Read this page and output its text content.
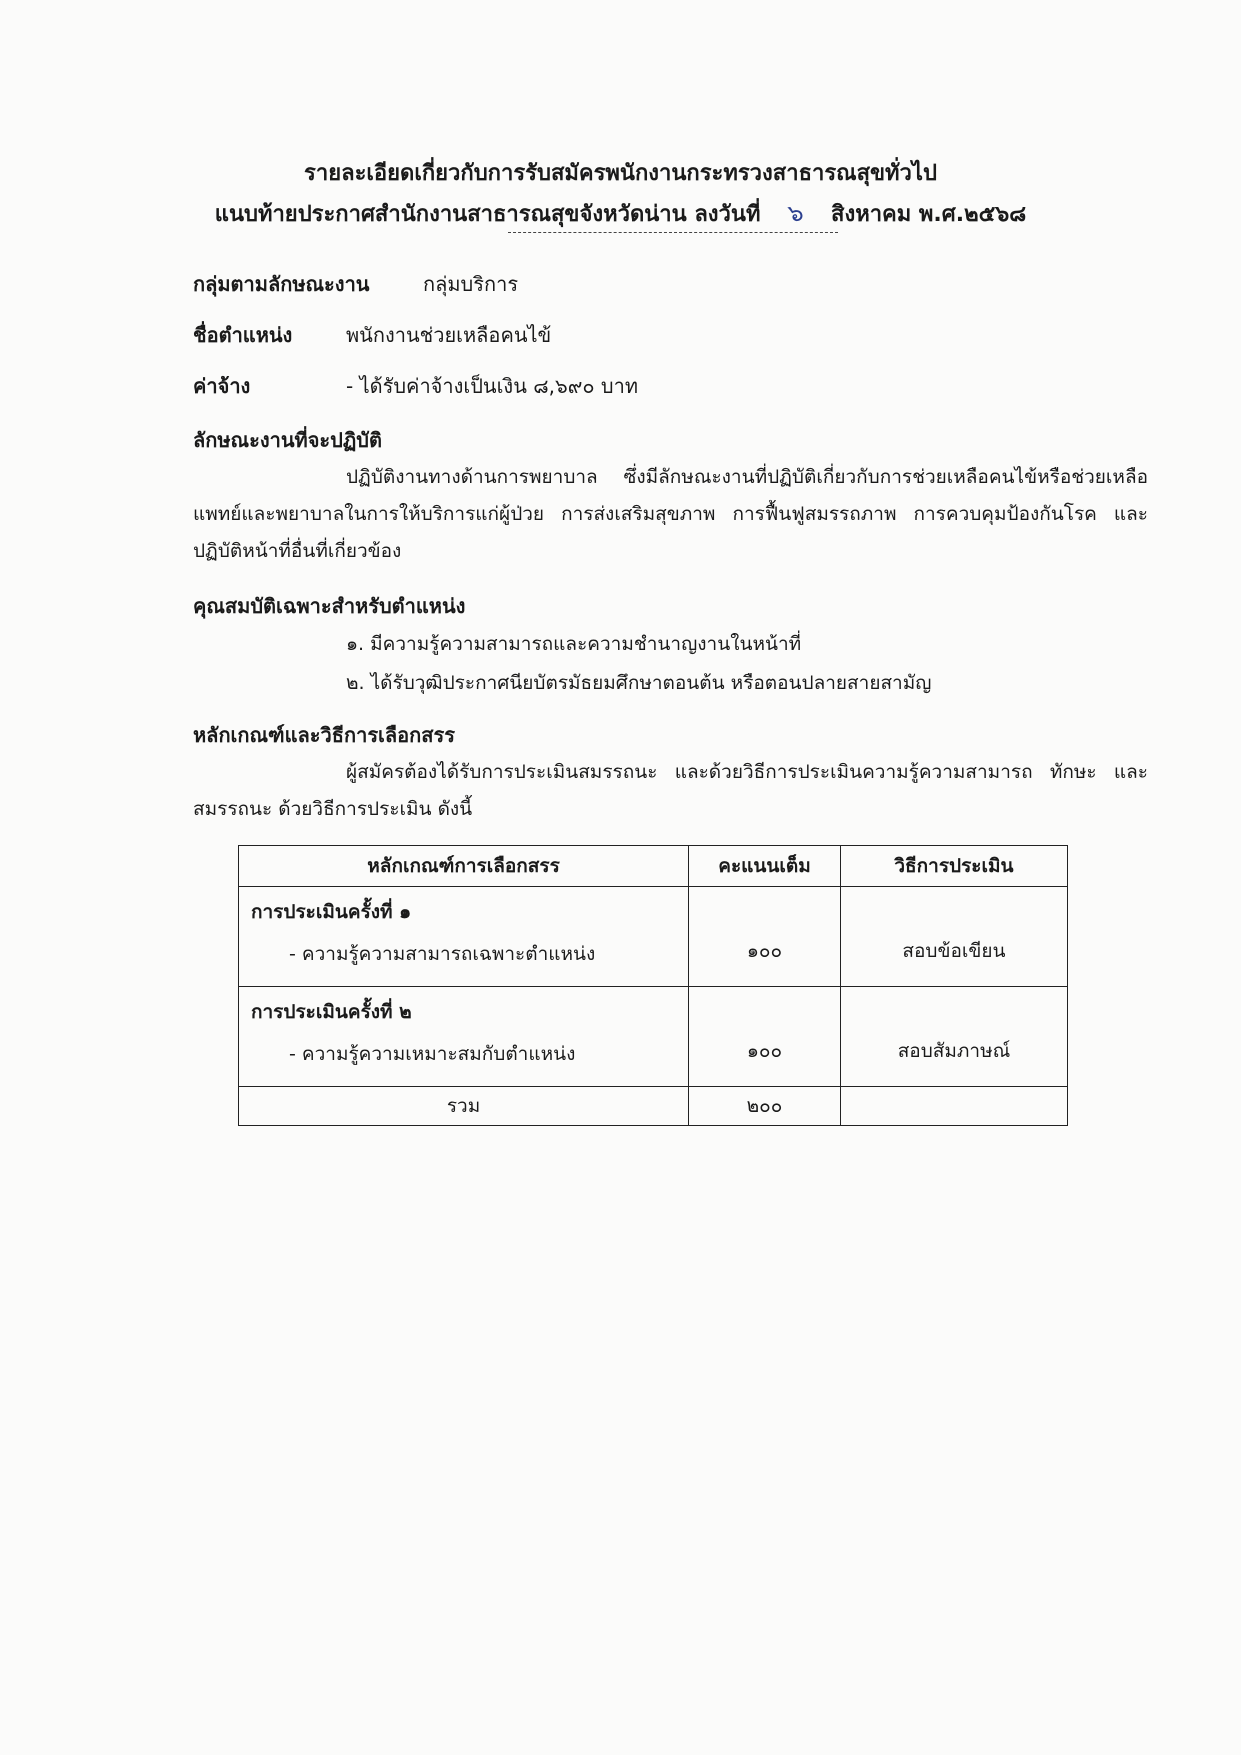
รายละเอียดเกี่ยวกับการรับสมัครพนักงานกระทรวงสาธารณสุขทั่วไป
แนบท้ายประกาศสำนักงานสาธารณสุขจังหวัดน่าน ลงวันที่ ๖ สิงหาคม พ.ศ.๒๕๖๘
กลุ่มตามลักษณะงาน	กลุ่มบริการ
ชื่อตำแหน่ง	พนักงานช่วยเหลือคนไข้
ค่าจ้าง	- ได้รับค่าจ้างเป็นเงิน ๘,๖๙๐ บาท
ลักษณะงานที่จะปฏิบัติ
ปฏิบัติงานทางด้านการพยาบาล ซึ่งมีลักษณะงานที่ปฏิบัติเกี่ยวกับการช่วยเหลือคนไข้หรือช่วยเหลือแพทย์และพยาบาลในการให้บริการแก่ผู้ป่วย การส่งเสริมสุขภาพ การฟื้นฟูสมรรถภาพ การควบคุมป้องกันโรค และปฏิบัติหน้าที่อื่นที่เกี่ยวข้อง
คุณสมบัติเฉพาะสำหรับตำแหน่ง
๑. มีความรู้ความสามารถและความชำนาญงานในหน้าที่
๒. ได้รับวุฒิประกาศนียบัตรมัธยมศึกษาตอนต้น หรือตอนปลายสายสามัญ
หลักเกณฑ์และวิธีการเลือกสรร
ผู้สมัครต้องได้รับการประเมินสมรรถนะ และด้วยวิธีการประเมินความรู้ความสามารถ ทักษะ และสมรรถนะ ด้วยวิธีการประเมิน ดังนี้
หลักเกณฑ์การเลือกสรร	คะแนนเต็ม	วิธีการประเมิน

การประเมินครั้งที่ ๑
- ความรู้ความสามารถเฉพาะตำแหน่ง	๑๐๐	สอบข้อเขียน

การประเมินครั้งที่ ๒
- ความรู้ความเหมาะสมกับตำแหน่ง	๑๐๐	สอบสัมภาษณ์
รวม	๒๐๐	
